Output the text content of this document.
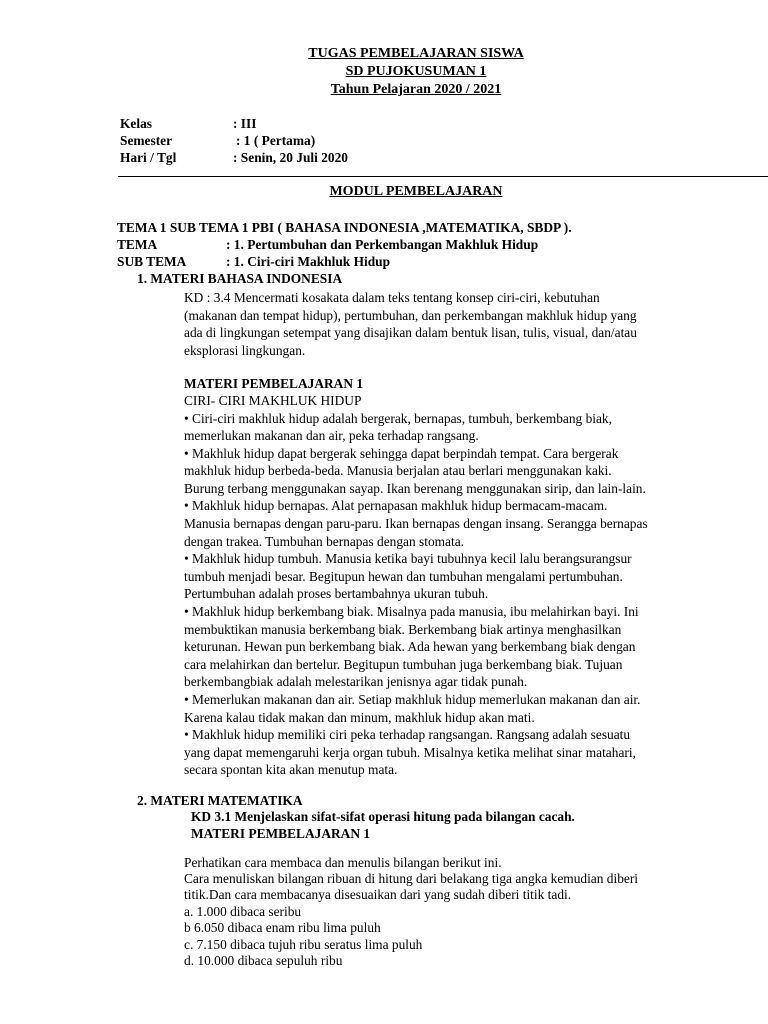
TUGAS PEMBELAJARAN SISWA
SD PUJOKUSUMAN 1
Tahun Pelajaran 2020 / 2021
Kelas	: III
Semester	: 1 ( Pertama)
Hari / Tgl	: Senin, 20 Juli 2020
MODUL PEMBELAJARAN
TEMA 1 SUB TEMA 1 PBI ( BAHASA INDONESIA ,MATEMATIKA, SBDP ).
TEMA	: 1. Pertumbuhan dan Perkembangan Makhluk Hidup
SUB TEMA	: 1. Ciri-ciri Makhluk Hidup
1. MATERI BAHASA INDONESIA
KD : 3.4 Mencermati kosakata dalam teks tentang konsep ciri-ciri, kebutuhan
(makanan dan tempat hidup), pertumbuhan, dan perkembangan makhluk hidup yang
ada di lingkungan setempat yang disajikan dalam bentuk lisan, tulis, visual, dan/atau
eksplorasi lingkungan.
MATERI PEMBELAJARAN 1
CIRI- CIRI MAKHLUK HIDUP
• Ciri-ciri makhluk hidup adalah bergerak, bernapas, tumbuh, berkembang biak,
memerlukan makanan dan air, peka terhadap rangsang.
• Makhluk hidup dapat bergerak sehingga dapat berpindah tempat. Cara bergerak
makhluk hidup berbeda-beda. Manusia berjalan atau berlari menggunakan kaki.
Burung terbang menggunakan sayap. Ikan berenang menggunakan sirip, dan lain-lain.
• Makhluk hidup bernapas. Alat pernapasan makhluk hidup bermacam-macam.
Manusia bernapas dengan paru-paru. Ikan bernapas dengan insang. Serangga bernapas
dengan trakea. Tumbuhan bernapas dengan stomata.
• Makhluk hidup tumbuh. Manusia ketika bayi tubuhnya kecil lalu berangsurangsur
tumbuh menjadi besar. Begitupun hewan dan tumbuhan mengalami pertumbuhan.
Pertumbuhan adalah proses bertambahnya ukuran tubuh.
• Makhluk hidup berkembang biak. Misalnya pada manusia, ibu melahirkan bayi. Ini
membuktikan manusia berkembang biak. Berkembang biak artinya menghasilkan
keturunan. Hewan pun berkembang biak. Ada hewan yang berkembang biak dengan
cara melahirkan dan bertelur. Begitupun tumbuhan juga berkembang biak. Tujuan
berkembangbiak adalah melestarikan jenisnya agar tidak punah.
• Memerlukan makanan dan air. Setiap makhluk hidup memerlukan makanan dan air.
Karena kalau tidak makan dan minum, makhluk hidup akan mati.
• Makhluk hidup memiliki ciri peka terhadap rangsangan. Rangsang adalah sesuatu
yang dapat memengaruhi kerja organ tubuh. Misalnya ketika melihat sinar matahari,
secara spontan kita akan menutup mata.
2. MATERI MATEMATIKA
KD 3.1 Menjelaskan sifat-sifat operasi hitung pada bilangan cacah.
MATERI PEMBELAJARAN 1
Perhatikan cara membaca dan menulis bilangan berikut ini.
Cara menuliskan bilangan ribuan di hitung dari belakang tiga angka kemudian diberi
titik.Dan cara membacanya disesuaikan dari yang sudah diberi titik tadi.
a. 1.000 dibaca seribu
b 6.050 dibaca enam ribu lima puluh
c. 7.150 dibaca tujuh ribu seratus lima puluh
d. 10.000 dibaca sepuluh ribu
